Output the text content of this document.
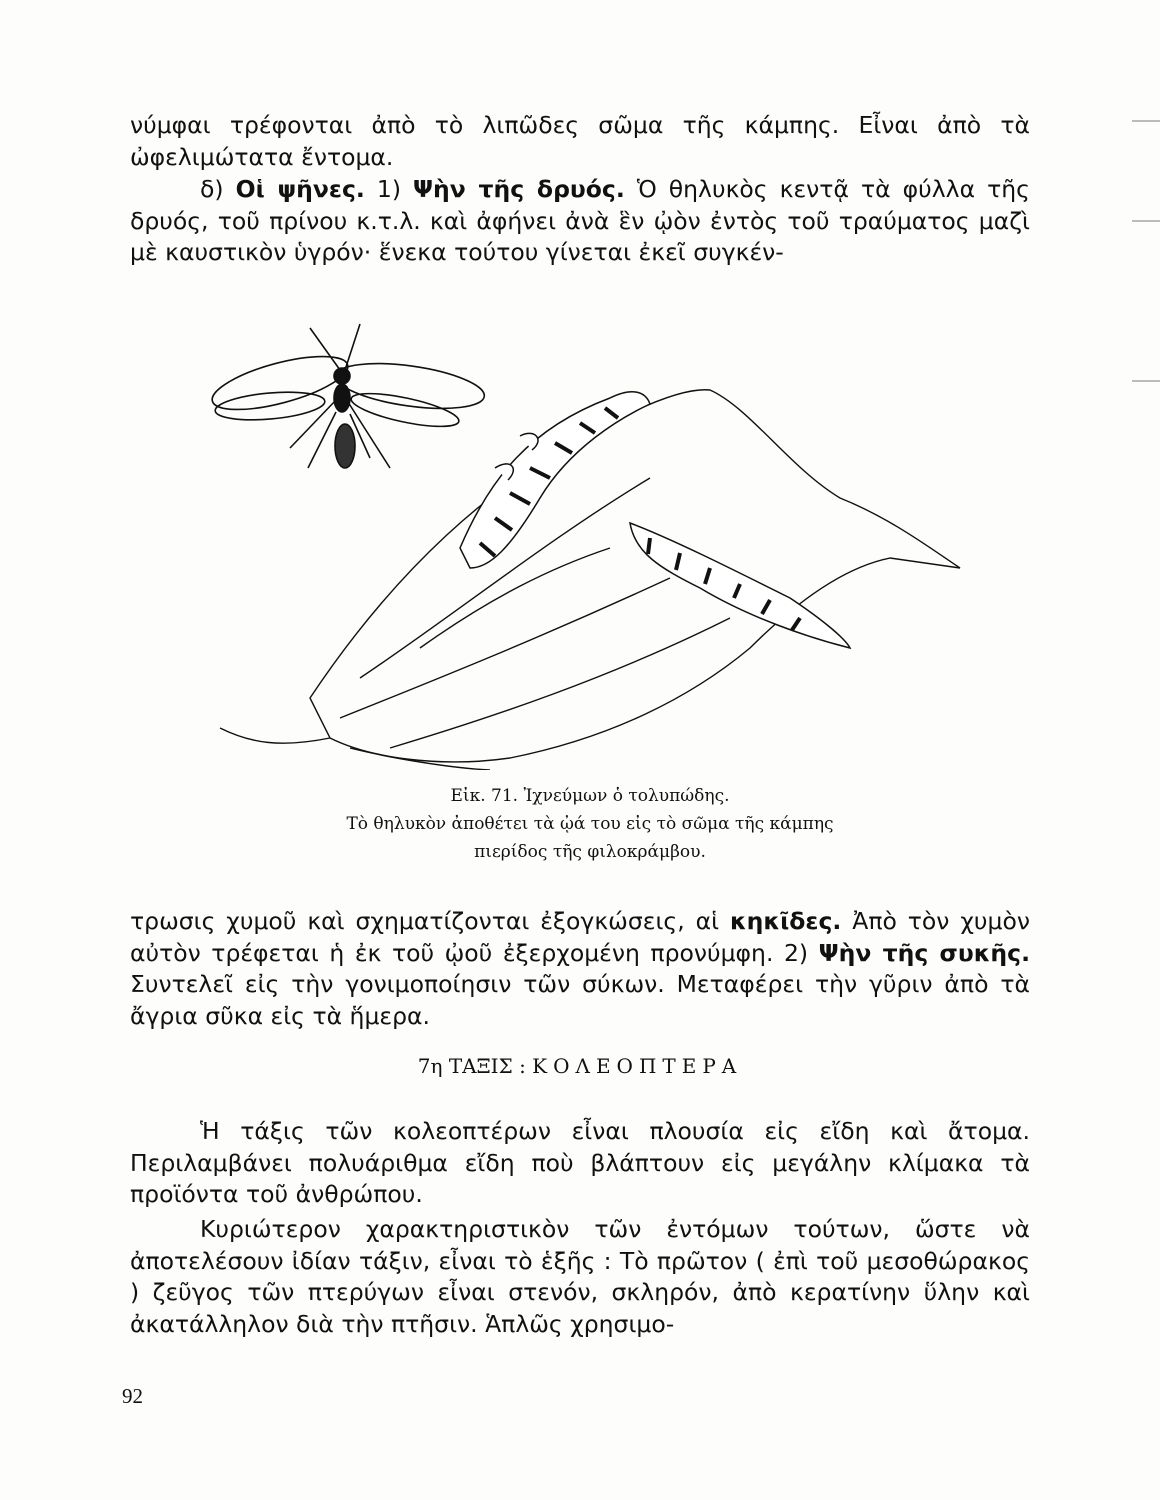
νύμφαι τρέφονται ἀπὸ τὸ λιπῶδες σῶμα τῆς κάμπης. Εἶναι ἀπὸ τὰ ὠφελιμώτατα ἔντομα.
δ) Οἱ ψῆνες. 1) Ψὴν τῆς δρυός. Ὁ θηλυκὸς κεντᾷ τὰ φύλλα τῆς δρυός, τοῦ πρίνου κ.τ.λ. καὶ ἀφήνει ἀνὰ ἓν ᾠὸν ἐντὸς τοῦ τραύματος μαζὶ μὲ καυστικὸν ὑγρόν· ἕνεκα τούτου γίνεται ἐκεῖ συγκέν-
Εἰκ. 71. Ἰχνεύμων ὁ τολυπώδης.
Τὸ θηλυκὸν ἀποθέτει τὰ ᾠά του εἰς τὸ σῶμα τῆς κάμπης
πιερίδος τῆς φιλοκράμβου.
τρωσις χυμοῦ καὶ σχηματίζονται ἐξογκώσεις, αἱ κηκῖδες. Ἀπὸ τὸν χυμὸν αὐτὸν τρέφεται ἡ ἐκ τοῦ ᾠοῦ ἐξερχομένη προνύμφη. 2) Ψὴν τῆς συκῆς. Συντελεῖ εἰς τὴν γονιμοποίησιν τῶν σύκων. Μεταφέρει τὴν γῦριν ἀπὸ τὰ ἄγρια σῦκα εἰς τὰ ἥμερα.
7η ΤΑΞΙΣ : ΚΟΛΕΟΠΤΕΡΑ
Ἡ τάξις τῶν κολεοπτέρων εἶναι πλουσία εἰς εἴδη καὶ ἄτομα. Περιλαμβάνει πολυάριθμα εἴδη ποὺ βλάπτουν εἰς μεγάλην κλίμακα τὰ προϊόντα τοῦ ἀνθρώπου.
Κυριώτερον χαρακτηριστικὸν τῶν ἐντόμων τούτων, ὥστε νὰ ἀποτελέσουν ἰδίαν τάξιν, εἶναι τὸ ἑξῆς : Τὸ πρῶτον ( ἐπὶ τοῦ μεσοθώρακος ) ζεῦγος τῶν πτερύγων εἶναι στενόν, σκληρόν, ἀπὸ κερατίνην ὕλην καὶ ἀκατάλληλον διὰ τὴν πτῆσιν. Ἁπλῶς χρησιμο-
92
